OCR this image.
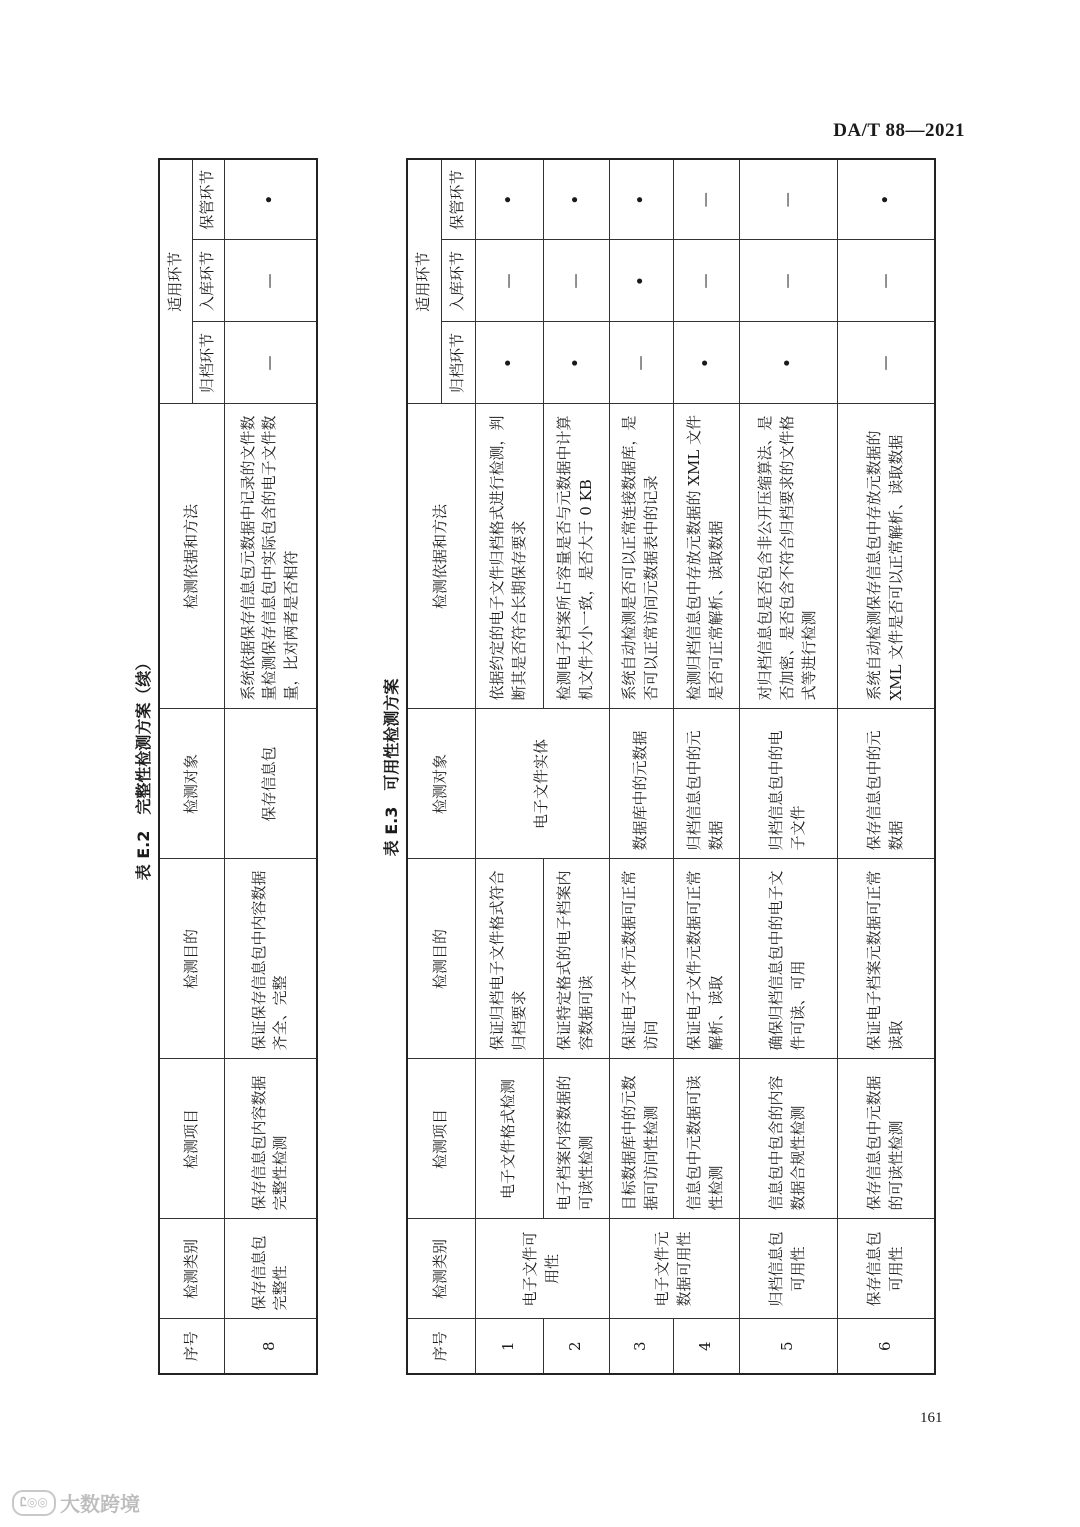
DA/T 88—2021
表 E.2　完整性检测方案（续）
序号	检测类别	检测项目	检测目的	检测对象	检测依据和方法	适用环节		
						归档环节	入库环节	保管环节
8	保存信息包完整性	保存信息包内容数据完整性检测	保证保存信息包中内容数据齐全、完整	保存信息包	系统依据保存信息包元数据中记录的文件数量检测保存信息包中实际包含的电子文件数量，比对两者是否相符	—	—	•
表 E.3　可用性检测方案
序号	检测类别	检测项目	检测目的	检测对象	检测依据和方法	适用环节		
						归档环节	入库环节	保管环节
1	电子文件可用性	电子文件格式检测	保证归档电子文件格式符合归档要求	电子文件实体	依据约定的电子文件归档格式进行检测，判断其是否符合长期保存要求	•	—	•
2		电子档案内容数据的可读性检测	保证特定格式的电子档案内容数据可读		检测电子档案所占容量是否与元数据中计算机文件大小一致，是否大于 0 KB	•	—	•
3	电子文件元数据可用性	目标数据库中的元数据可访问性检测	保证电子文件元数据可正常访问	数据库中的元数据	系统自动检测是否可以正常连接数据库，是否可以正常访问元数据表中的记录	—	•	•
4		信息包中元数据可读性检测	保证电子文件元数据可正常解析、读取	归档信息包中的元数据	检测归档信息包中存放元数据的 XML 文件是否可正常解析、读取数据	•	—	—
5	归档信息包可用性	信息包中包含的内容数据合规性检测	确保归档信息包中的电子文件可读、可用	归档信息包中的电子文件	对归档信息包是否包含非公开压缩算法、是否加密、是否包含不符合归档要求的文件格式等进行检测	•	—	—
6	保存信息包可用性	保存信息包中元数据的可读性检测	保证电子档案元数据可正常读取	保存信息包中的元数据	系统自动检测保存信息包中存放元数据的 XML 文件是否可以正常解析、读取数据	—	—	•
161
Ꮭ◎◎ 大数跨境
